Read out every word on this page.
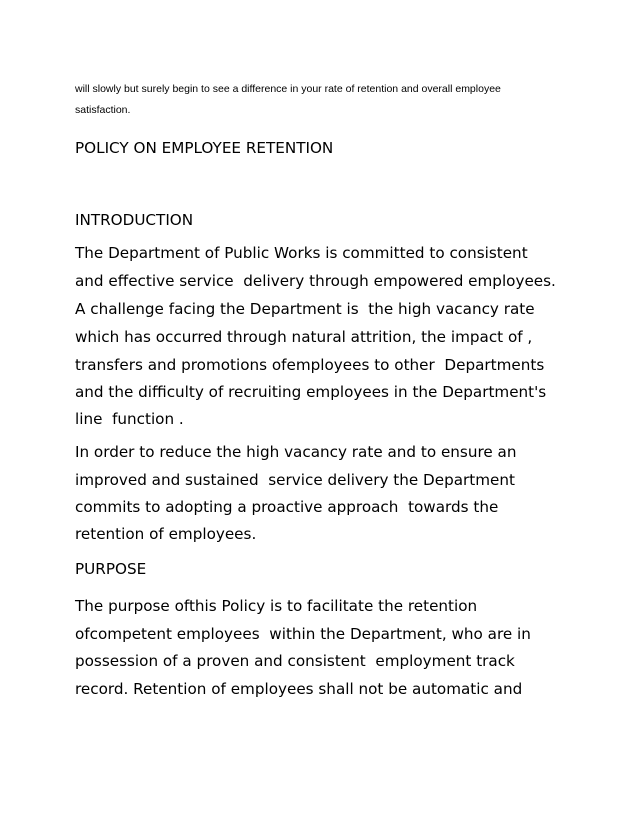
will slowly but surely begin to see a difference in your rate of retention and overall employee
satisfaction.
POLICY ON EMPLOYEE RETENTION
INTRODUCTION
The Department of Public Works is committed to consistent
and effective service  delivery through empowered employees.
A challenge facing the Department is  the high vacancy rate
which has occurred through natural attrition, the impact of ,
transfers and promotions ofemployees to other  Departments
and the difficulty of recruiting employees in the Department's
line  function .
In order to reduce the high vacancy rate and to ensure an
improved and sustained  service delivery the Department
commits to adopting a proactive approach  towards the
retention of employees.
PURPOSE
The purpose ofthis Policy is to facilitate the retention
ofcompetent employees  within the Department, who are in
possession of a proven and consistent  employment track
record. Retention of employees shall not be automatic and
